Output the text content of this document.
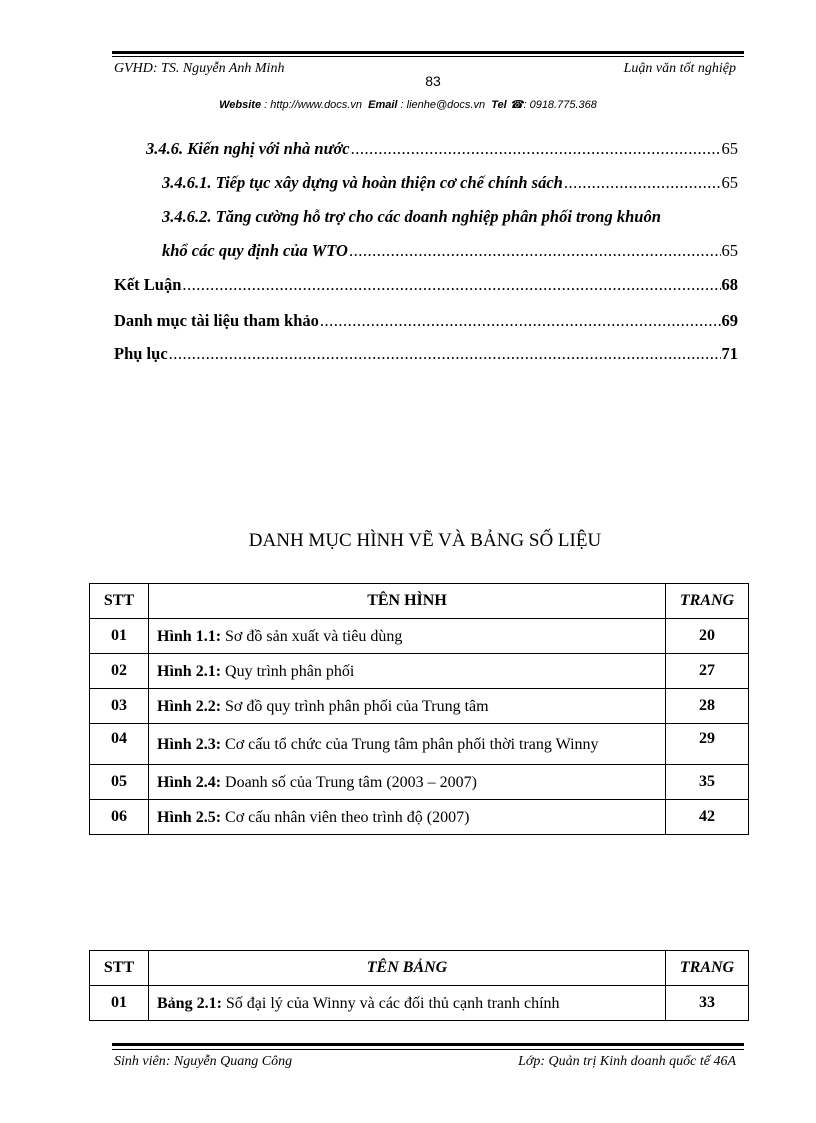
GVHD: TS. Nguyễn Anh Minh	Luận văn tốt nghiệp
83
Website : http://www.docs.vn Email : lienhe@docs.vn Tel ☎: 0918.775.368
3.4.6. Kiến nghị với nhà nước .....	65
3.4.6.1. Tiếp tục xây dựng và hoàn thiện cơ chế chính sách .....	65
3.4.6.2. Tăng cường hỗ trợ cho các doanh nghiệp phân phối trong khuôn
khổ các quy định của WTO .....	65
Kết Luận .....	68
Danh mục tài liệu tham khảo .....	69
Phụ lục .....	71
DANH MỤC HÌNH VẼ VÀ BẢNG SỐ LIỆU
STT	TÊN HÌNH	TRANG
01	Hình 1.1: Sơ đồ sản xuất và tiêu dùng	20
02	Hình 2.1: Quy trình phân phối	27
03	Hình 2.2: Sơ đồ quy trình phân phối của Trung tâm	28
04	Hình 2.3: Cơ cấu tổ chức của Trung tâm phân phối thời trang Winny	29
05	Hình 2.4: Doanh số của Trung tâm (2003 – 2007)	35
06	Hình 2.5: Cơ cấu nhân viên theo trình độ (2007)	42
STT	TÊN BẢNG	TRANG
01	Bảng 2.1: Số đại lý của Winny và các đối thủ cạnh tranh chính	33
Sinh viên: Nguyễn Quang Công	Lớp: Quản trị Kinh doanh quốc tế 46A
